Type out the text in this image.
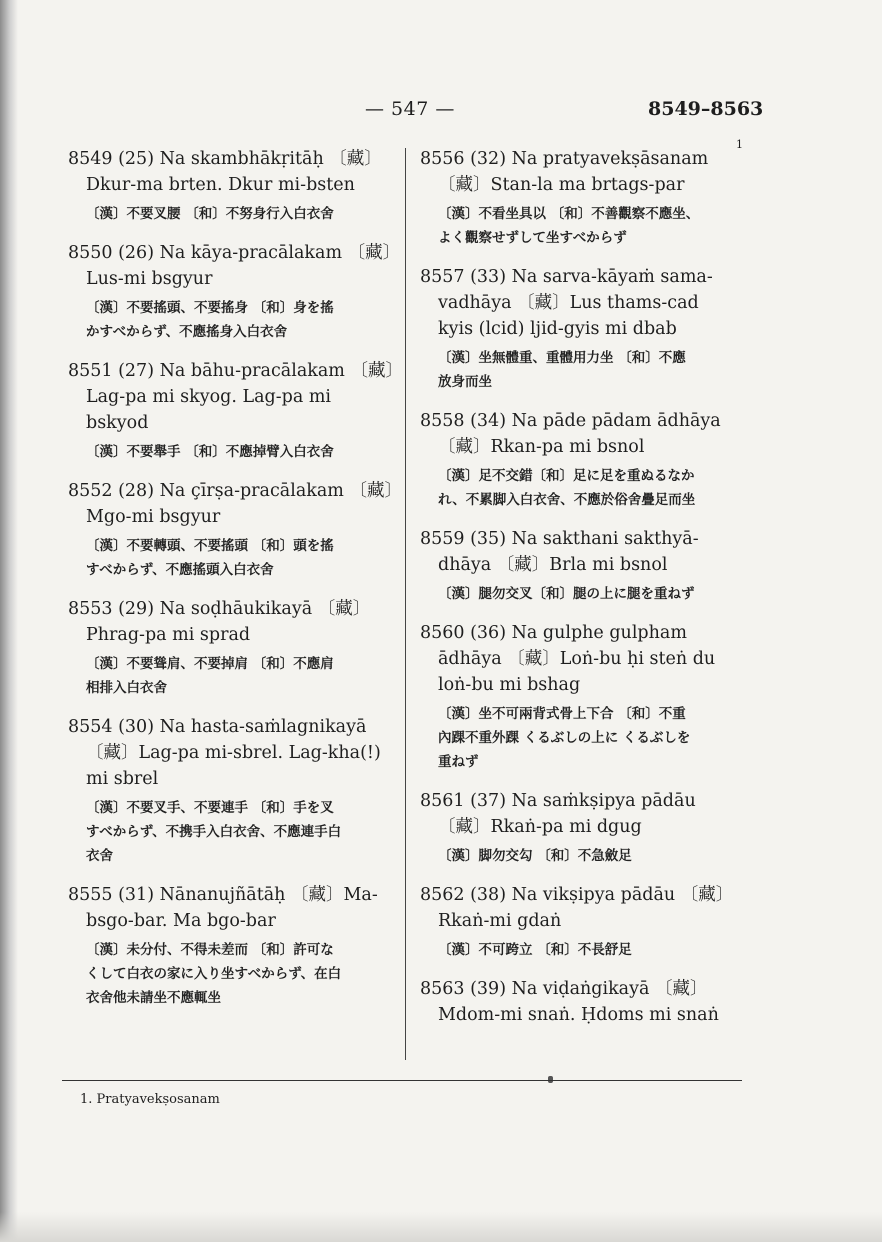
— 547 —	8549–8563
1
8549 (25) Na skambhākṛitāḥ 〔藏〕
Dkur-ma brten. Dkur mi-bsten
〔漢〕不要叉腰 〔和〕不努身行入白衣舍
8550 (26) Na kāya-pracālakam 〔藏〕
Lus-mi bsgyur
〔漢〕不要搖頭、不要搖身 〔和〕身を搖
かすべからず、不應搖身入白衣舍
8551 (27) Na bāhu-pracālakam 〔藏〕
Lag-pa mi skyog. Lag-pa mi
bskyod
〔漢〕不要舉手 〔和〕不應掉臂入白衣舍
8552 (28) Na çīrṣa-pracālakam 〔藏〕
Mgo-mi bsgyur
〔漢〕不要轉頭、不要搖頭 〔和〕頭を搖
すべからず、不應搖頭入白衣舍
8553 (29) Na soḍhāukikayā 〔藏〕
Phrag-pa mi sprad
〔漢〕不要聳肩、不要掉肩 〔和〕不應肩
相排入白衣舍
8554 (30) Na hasta-saṁlagnikayā
〔藏〕Lag-pa mi-sbrel. Lag-kha(!)
mi sbrel
〔漢〕不要叉手、不要連手 〔和〕手を叉
すべからず、不携手入白衣舍、不應連手白
衣舍
8555 (31) Nānanujñātāḥ 〔藏〕Ma-
bsgo-bar. Ma bgo-bar
〔漢〕未分付、不得未差而 〔和〕許可な
くして白衣の家に入り坐すべからず、在白
衣舍他未請坐不應輒坐
8556 (32) Na pratyavekṣāsanam
〔藏〕Stan-la ma brtags-par
〔漢〕不看坐具以 〔和〕不善觀察不應坐、
よく觀察せずして坐すべからず
8557 (33) Na sarva-kāyaṁ sama-
vadhāya 〔藏〕Lus thams-cad
kyis (lcid) ljid-gyis mi dbab
〔漢〕坐無體重、重體用力坐 〔和〕不應
放身而坐
8558 (34) Na pāde pādam ādhāya
〔藏〕Rkan-pa mi bsnol
〔漢〕足不交錯〔和〕足に足を重ぬるなか
れ、不累脚入白衣舍、不應於俗舍疊足而坐
8559 (35) Na sakthani sakthyā-
dhāya 〔藏〕Brla mi bsnol
〔漢〕腿勿交叉〔和〕腿の上に腿を重ねず
8560 (36) Na gulphe gulpham
ādhāya 〔藏〕Loṅ-bu ḥi steṅ du
loṅ-bu mi bshag
〔漢〕坐不可兩背式骨上下合 〔和〕不重
內踝不重外踝 くるぶしの上に くるぶしを
重ねず
8561 (37) Na saṁkṣipya pādāu
〔藏〕Rkaṅ-pa mi dgug
〔漢〕脚勿交勾 〔和〕不急斂足
8562 (38) Na vikṣipya pādāu 〔藏〕
Rkaṅ-mi gdaṅ
〔漢〕不可跨立 〔和〕不長舒足
8563 (39) Na viḍaṅgikayā 〔藏〕
Mdom-mi snaṅ. Ḥdoms mi snaṅ
1. Pratyavekṣosanam
